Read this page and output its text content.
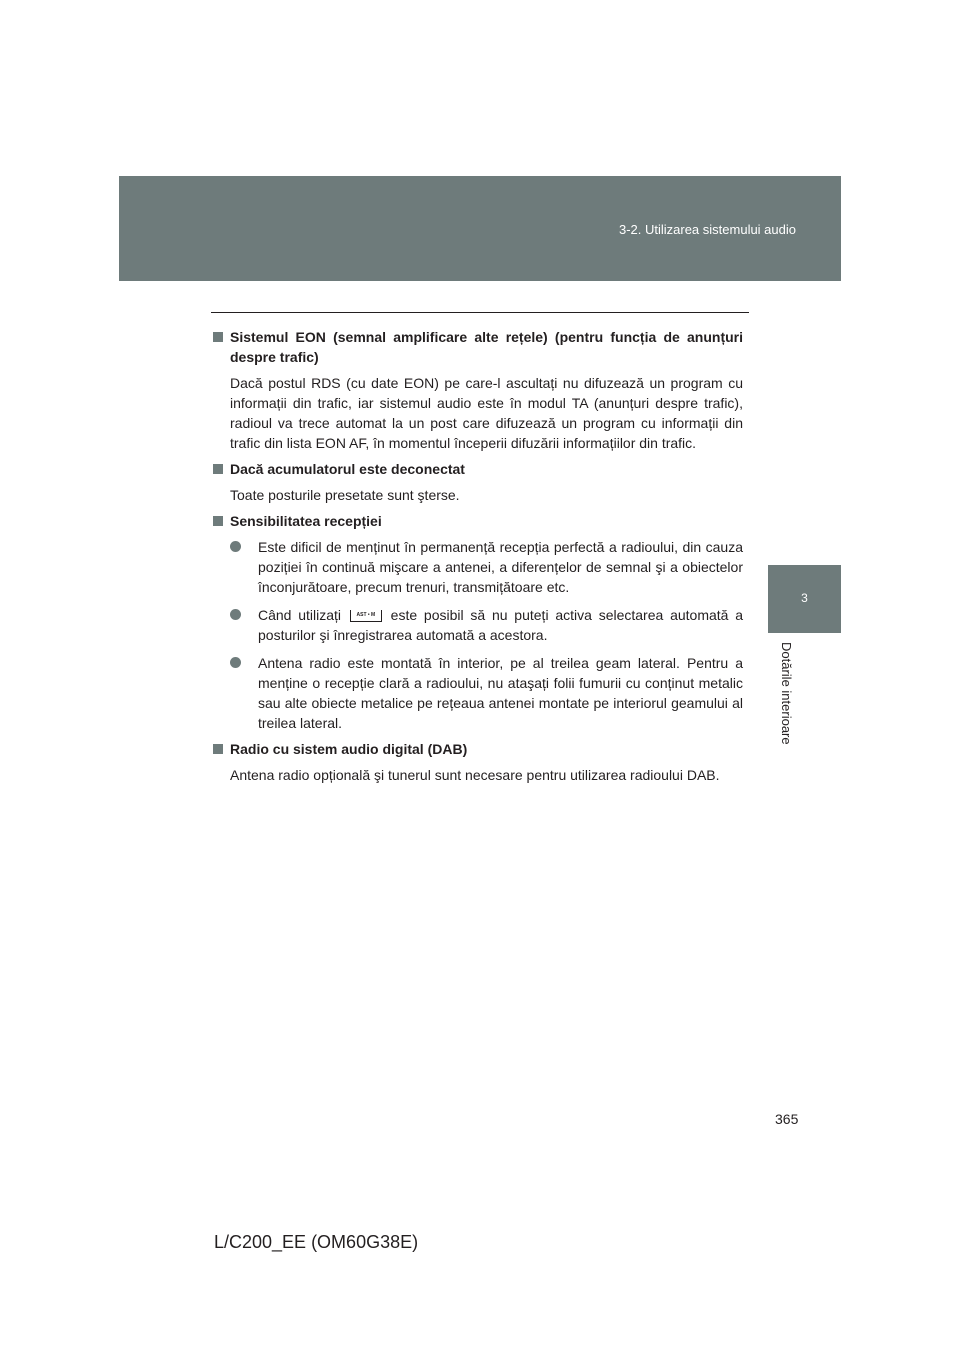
3-2. Utilizarea sistemului audio
3
Dotările interioare
Sistemul EON (semnal amplificare alte rețele) (pentru funcția de anunțuri despre trafic)

Dacă postul RDS (cu date EON) pe care-l ascultați nu difuzează un program cu informații din trafic, iar sistemul audio este în modul TA (anunțuri despre trafic), radioul va trece automat la un post care difuzează un program cu informații din trafic din lista EON AF, în momentul începerii difuzării informațiilor din trafic.

Dacă acumulatorul este deconectat

Toate posturile presetate sunt şterse.

Sensibilitatea recepției
Este dificil de menținut în permanență recepția perfectă a radioului, din cauza poziției în continuă mişcare a antenei, a diferențelor de semnal şi a obiectelor înconjurătoare, precum trenuri, transmițătoare etc.
Când utilizați	AST • M	este posibil să nu puteți activa selectarea automată a posturilor şi înregistrarea automată a acestora.
Antena radio este montată în interior, pe al treilea geam lateral. Pentru a menține o recepție clară a radioului, nu ataşați folii fumurii cu conținut metalic sau alte obiecte metalice pe rețeaua antenei montate pe interiorul geamului al treilea lateral.
Radio cu sistem audio digital (DAB)

Antena radio opțională şi tunerul sunt necesare pentru utilizarea radioului DAB.

365
L/C200_EE (OM60G38E)
